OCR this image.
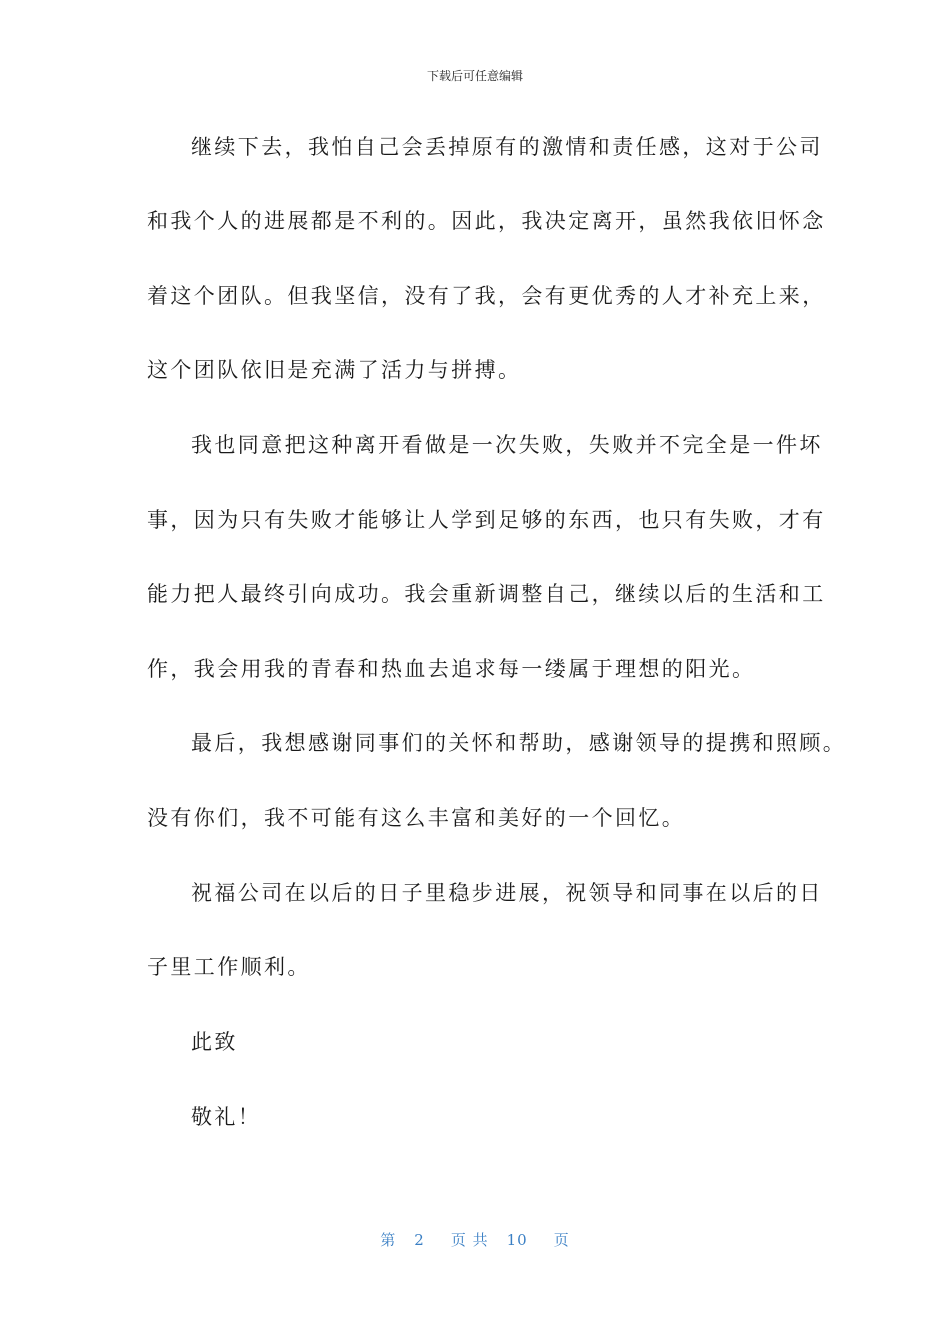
下载后可任意编辑
继续下去，我怕自己会丢掉原有的激情和责任感，这对于公司
和我个人的进展都是不利的。因此，我决定离开，虽然我依旧怀念
着这个团队。但我坚信，没有了我，会有更优秀的人才补充上来，
这个团队依旧是充满了活力与拼搏。
我也同意把这种离开看做是一次失败，失败并不完全是一件坏
事，因为只有失败才能够让人学到足够的东西，也只有失败，才有
能力把人最终引向成功。我会重新调整自己，继续以后的生活和工
作，我会用我的青春和热血去追求每一缕属于理想的阳光。
最后，我想感谢同事们的关怀和帮助，感谢领导的提携和照顾。
没有你们，我不可能有这么丰富和美好的一个回忆。
祝福公司在以后的日子里稳步进展，祝领导和同事在以后的日
子里工作顺利。
此致
敬礼！
第 2 页 共 10 页
